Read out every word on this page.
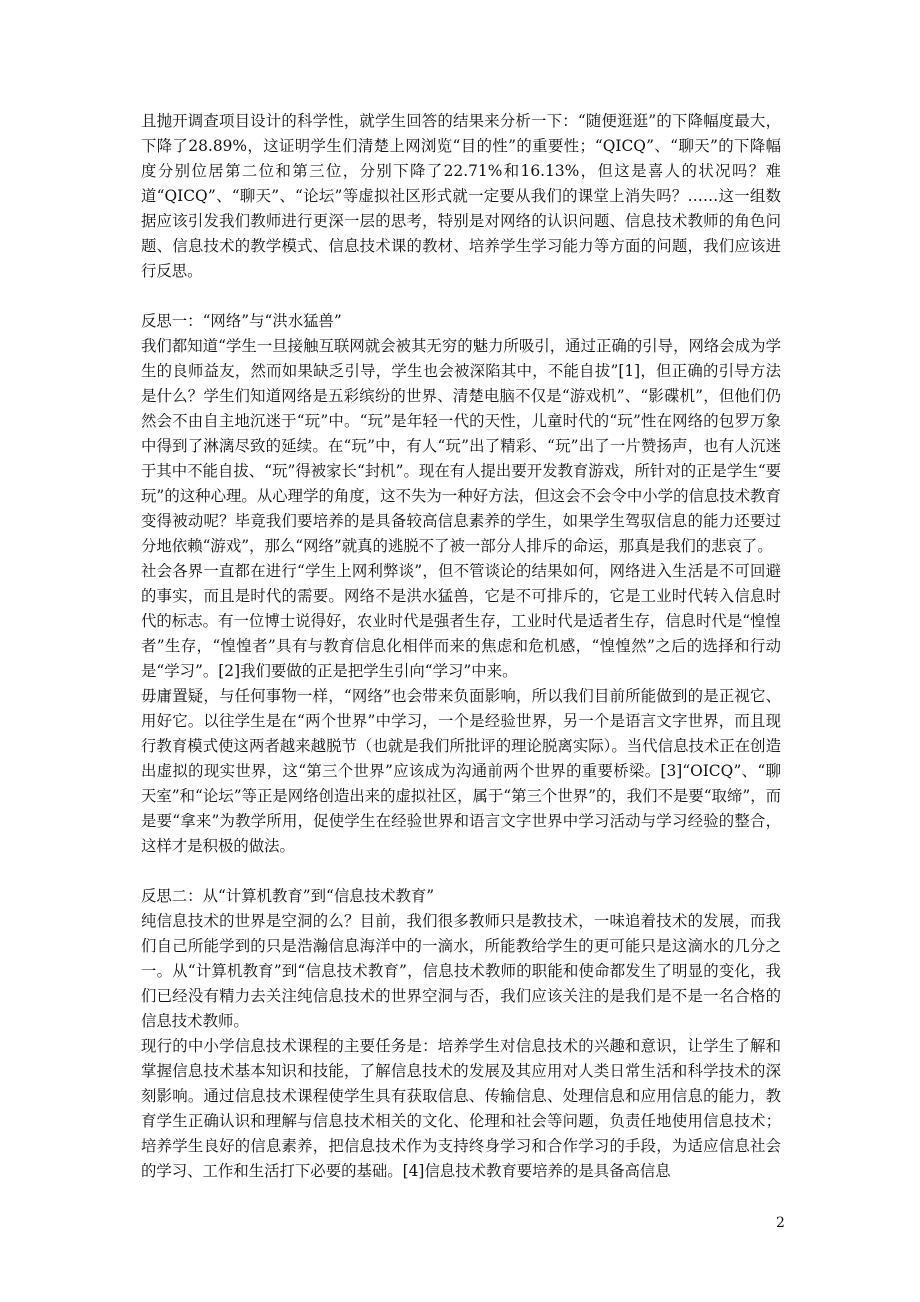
且抛开调查项目设计的科学性，就学生回答的结果来分析一下：“随便逛逛”的下降幅度最大，下降了28.89%，这证明学生们清楚上网浏览“目的性”的重要性；“QICQ”、“聊天”的下降幅度分别位居第二位和第三位，分别下降了22.71%和16.13%，但这是喜人的状况吗？难道“QICQ”、“聊天”、“论坛”等虚拟社区形式就一定要从我们的课堂上消失吗？……这一组数据应该引发我们教师进行更深一层的思考，特别是对网络的认识问题、信息技术教师的角色问题、信息技术的教学模式、信息技术课的教材、培养学生学习能力等方面的问题，我们应该进行反思。

反思一：“网络”与“洪水猛兽”

我们都知道“学生一旦接触互联网就会被其无穷的魅力所吸引，通过正确的引导，网络会成为学生的良师益友，然而如果缺乏引导，学生也会被深陷其中，不能自拔”[1]，但正确的引导方法是什么？学生们知道网络是五彩缤纷的世界、清楚电脑不仅是“游戏机”、“影碟机”，但他们仍然会不由自主地沉迷于“玩”中。“玩”是年轻一代的天性，儿童时代的“玩”性在网络的包罗万象中得到了淋漓尽致的延续。在“玩”中，有人“玩”出了精彩、“玩”出了一片赞扬声，也有人沉迷于其中不能自拔、“玩”得被家长“封机”。现在有人提出要开发教育游戏，所针对的正是学生“要玩”的这种心理。从心理学的角度，这不失为一种好方法，但这会不会令中小学的信息技术教育变得被动呢？毕竟我们要培养的是具备较高信息素养的学生，如果学生驾驭信息的能力还要过分地依赖“游戏”，那么“网络”就真的逃脱不了被一部分人排斥的命运，那真是我们的悲哀了。

社会各界一直都在进行“学生上网利弊谈”，但不管谈论的结果如何，网络进入生活是不可回避的事实，而且是时代的需要。网络不是洪水猛兽，它是不可排斥的，它是工业时代转入信息时代的标志。有一位博士说得好，农业时代是强者生存，工业时代是适者生存，信息时代是“惶惶者”生存，“惶惶者”具有与教育信息化相伴而来的焦虑和危机感，“惶惶然”之后的选择和行动是“学习”。[2]我们要做的正是把学生引向“学习”中来。

毋庸置疑，与任何事物一样，“网络”也会带来负面影响，所以我们目前所能做到的是正视它、用好它。以往学生是在“两个世界”中学习，一个是经验世界，另一个是语言文字世界，而且现行教育模式使这两者越来越脱节（也就是我们所批评的理论脱离实际）。当代信息技术正在创造出虚拟的现实世界，这“第三个世界”应该成为沟通前两个世界的重要桥梁。[3]“OICQ”、“聊天室”和“论坛”等正是网络创造出来的虚拟社区，属于“第三个世界”的，我们不是要“取缔”，而是要“拿来”为教学所用，促使学生在经验世界和语言文字世界中学习活动与学习经验的整合，这样才是积极的做法。

反思二：从“计算机教育”到“信息技术教育”

纯信息技术的世界是空洞的么？目前，我们很多教师只是教技术，一味追着技术的发展，而我们自己所能学到的只是浩瀚信息海洋中的一滴水，所能教给学生的更可能只是这滴水的几分之一。从“计算机教育”到“信息技术教育”，信息技术教师的职能和使命都发生了明显的变化，我们已经没有精力去关注纯信息技术的世界空洞与否，我们应该关注的是我们是不是一名合格的信息技术教师。

现行的中小学信息技术课程的主要任务是：培养学生对信息技术的兴趣和意识，让学生了解和掌握信息技术基本知识和技能，了解信息技术的发展及其应用对人类日常生活和科学技术的深刻影响。通过信息技术课程使学生具有获取信息、传输信息、处理信息和应用信息的能力，教育学生正确认识和理解与信息技术相关的文化、伦理和社会等问题，负责任地使用信息技术；培养学生良好的信息素养，把信息技术作为支持终身学习和合作学习的手段，为适应信息社会的学习、工作和生活打下必要的基础。[4]信息技术教育要培养的是具备高信息

2
